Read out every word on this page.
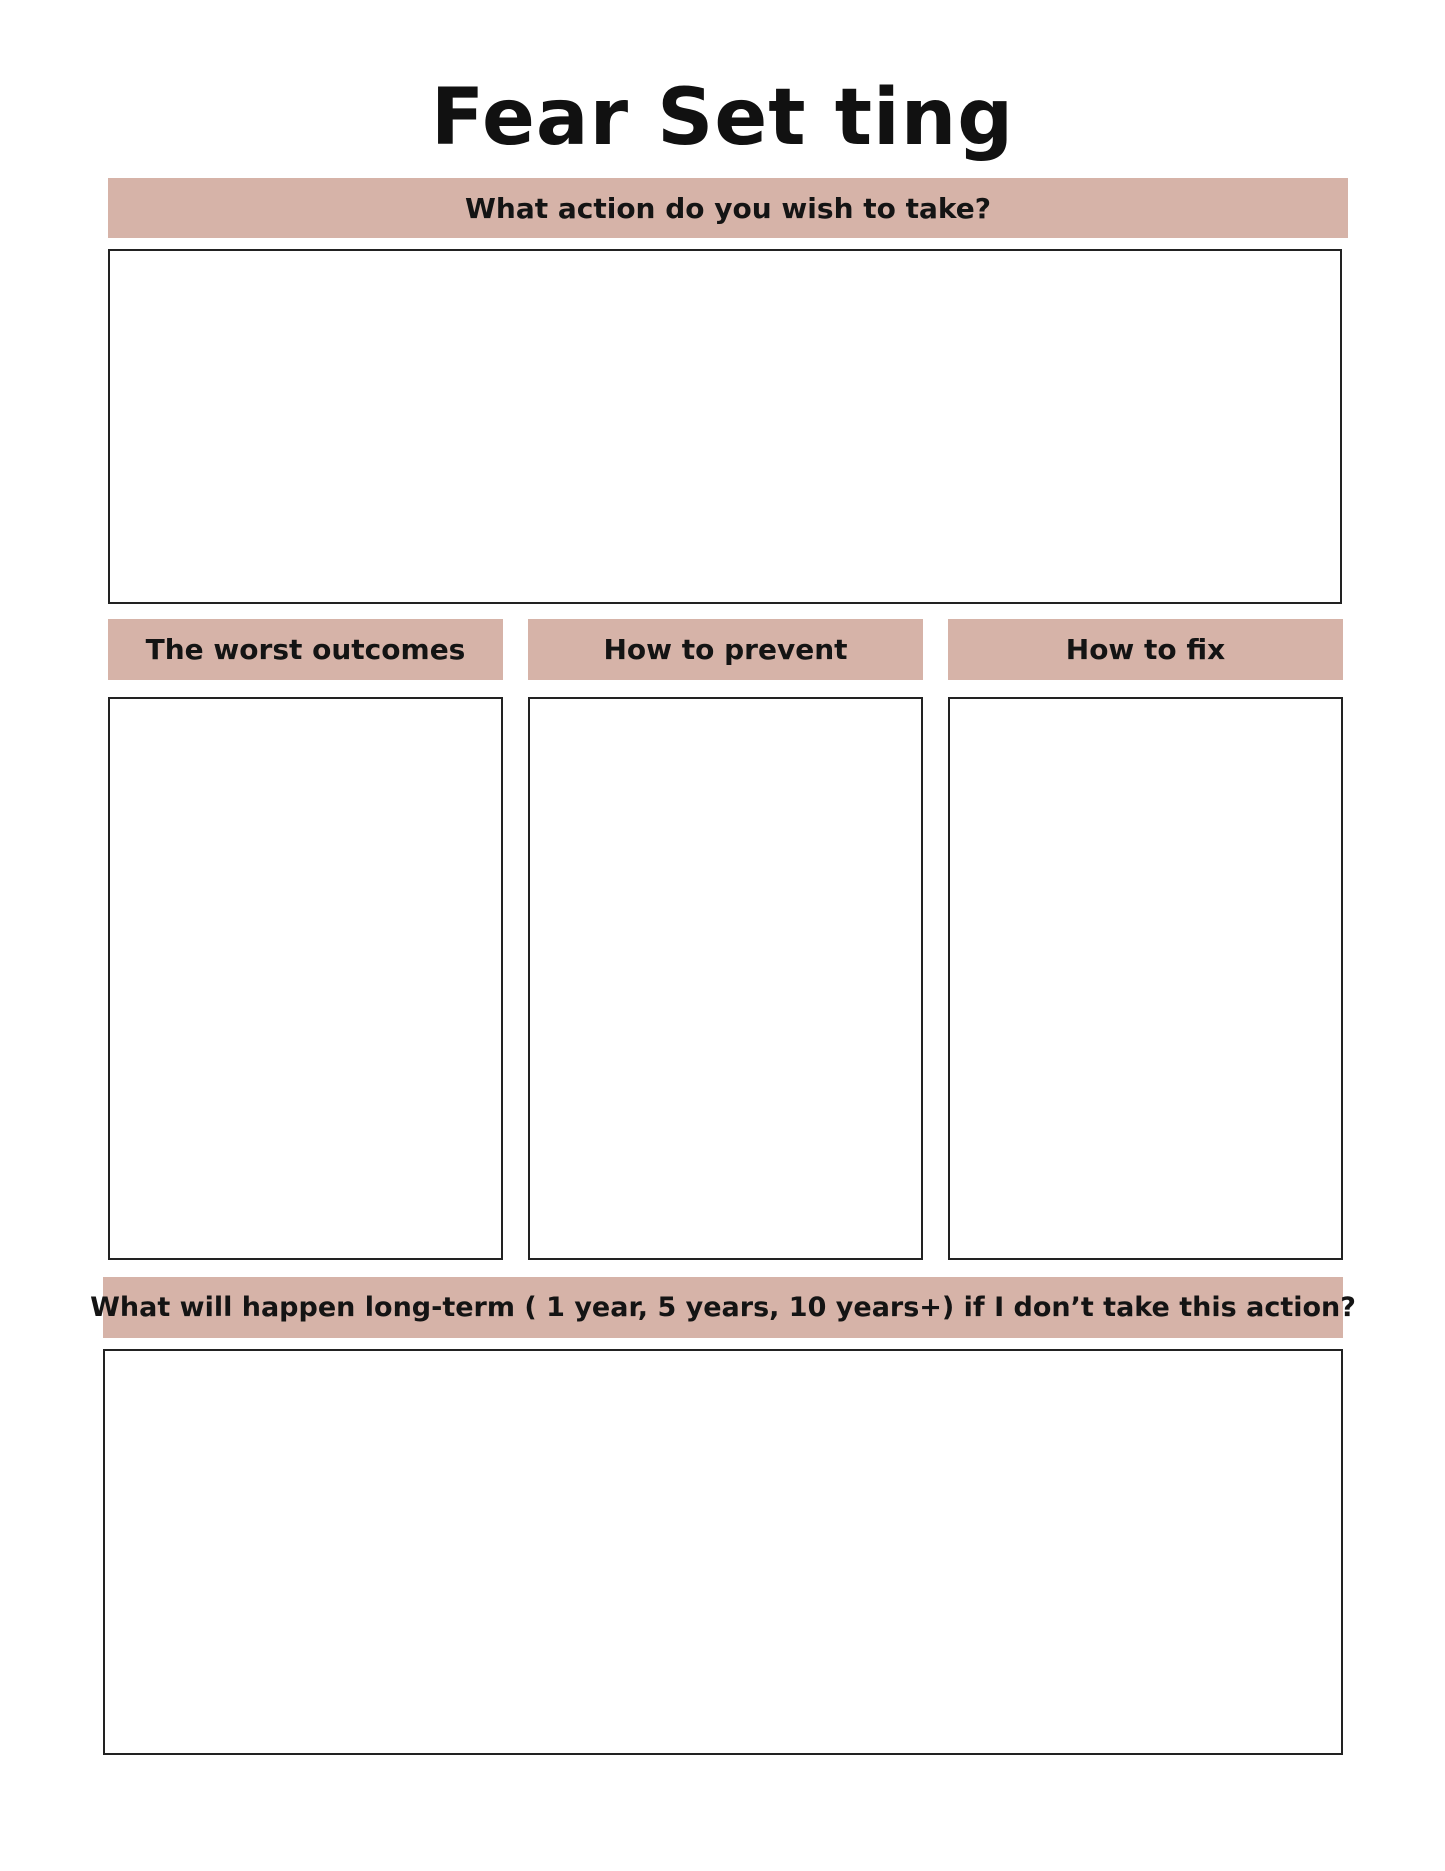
Fear Set ting
What action do you wish to take?
The worst outcomes	How to prevent	How to fix
What will happen long-term ( 1 year, 5 years, 10 years+) if I don’t take this action?
